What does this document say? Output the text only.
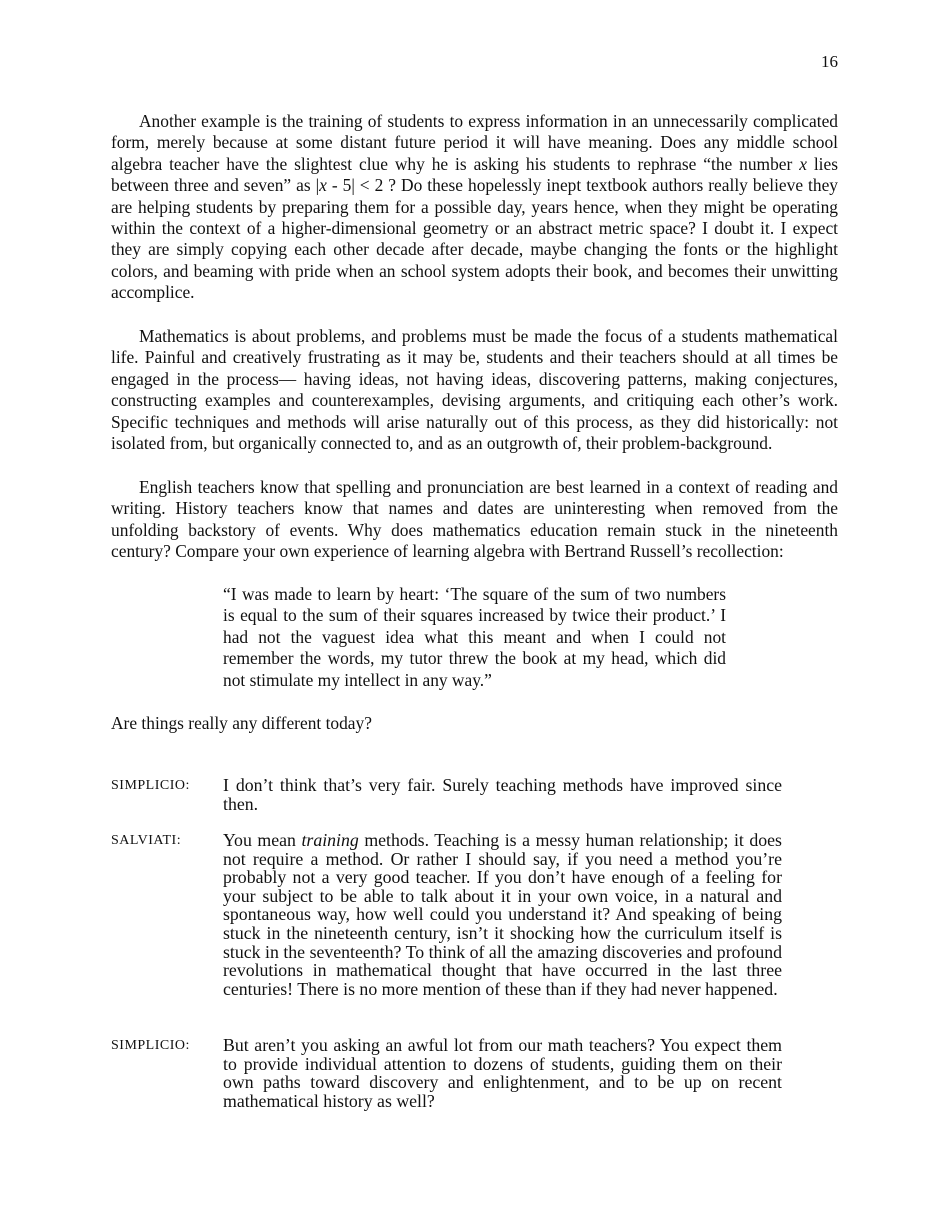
16

Another example is the training of students to express information in an unnecessarily complicated form, merely because at some distant future period it will have meaning. Does any middle school algebra teacher have the slightest clue why he is asking his students to rephrase “the number x lies between three and seven” as |x - 5| < 2 ? Do these hopelessly inept textbook authors really believe they are helping students by preparing them for a possible day, years hence, when they might be operating within the context of a higher-dimensional geometry or an abstract metric space? I doubt it. I expect they are simply copying each other decade after decade, maybe changing the fonts or the highlight colors, and beaming with pride when an school system adopts their book, and becomes their unwitting accomplice.

Mathematics is about problems, and problems must be made the focus of a students mathematical life. Painful and creatively frustrating as it may be, students and their teachers should at all times be engaged in the process— having ideas, not having ideas, discovering patterns, making conjectures, constructing examples and counterexamples, devising arguments, and critiquing each other’s work. Specific techniques and methods will arise naturally out of this process, as they did historically: not isolated from, but organically connected to, and as an outgrowth of, their problem-background.

English teachers know that spelling and pronunciation are best learned in a context of reading and writing. History teachers know that names and dates are uninteresting when removed from the unfolding backstory of events. Why does mathematics education remain stuck in the nineteenth century? Compare your own experience of learning algebra with Bertrand Russell’s recollection:

“I was made to learn by heart: ‘The square of the sum of two numbers is equal to the sum of their squares increased by twice their product.’ I had not the vaguest idea what this meant and when I could not remember the words, my tutor threw the book at my head, which did not stimulate my intellect in any way.”

Are things really any different today?

SIMPLICIO: I don’t think that’s very fair. Surely teaching methods have improved since then.

SALVIATI: You mean training methods. Teaching is a messy human relationship; it does not require a method. Or rather I should say, if you need a method you’re probably not a very good teacher. If you don’t have enough of a feeling for your subject to be able to talk about it in your own voice, in a natural and spontaneous way, how well could you understand it? And speaking of being stuck in the nineteenth century, isn’t it shocking how the curriculum itself is stuck in the seventeenth? To think of all the amazing discoveries and profound revolutions in mathematical thought that have occurred in the last three centuries! There is no more mention of these than if they had never happened.

SIMPLICIO: But aren’t you asking an awful lot from our math teachers? You expect them to provide individual attention to dozens of students, guiding them on their own paths toward discovery and enlightenment, and to be up on recent mathematical history as well?
